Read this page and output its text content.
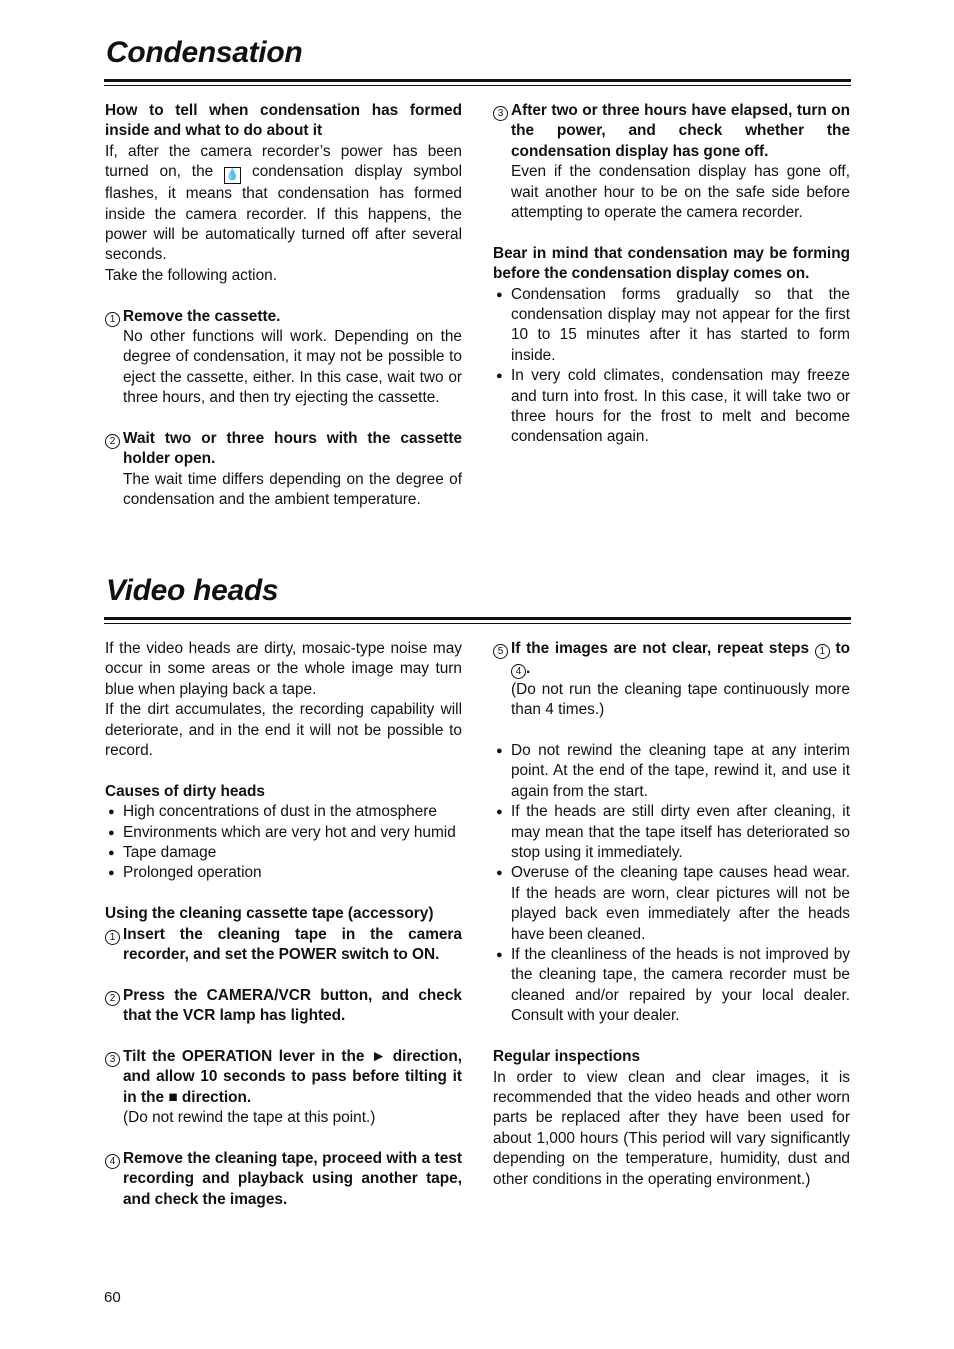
Condensation

How to tell when condensation has formed inside and what to do about it

If, after the camera recorder’s power has been turned on, the 💧 condensation display symbol flashes, it means that condensation has formed inside the camera recorder. If this happens, the power will be automatically turned off after several seconds.

Take the following action.

1 Remove the cassette.

No other functions will work. Depending on the degree of condensation, it may not be possible to eject the cassette, either. In this case, wait two or three hours, and then try ejecting the cassette.

2 Wait two or three hours with the cassette holder open.

The wait time differs depending on the degree of condensation and the ambient temperature.

3 After two or three hours have elapsed, turn on the power, and check whether the condensation display has gone off.

Even if the condensation display has gone off, wait another hour to be on the safe side before attempting to operate the camera recorder.

Bear in mind that condensation may be forming before the condensation display comes on.

● Condensation forms gradually so that the condensation display may not appear for the first 10 to 15 minutes after it has started to form inside.
● In very cold climates, condensation may freeze and turn into frost. In this case, it will take two or three hours for the frost to melt and become condensation again.
Video heads

If the video heads are dirty, mosaic-type noise may occur in some areas or the whole image may turn blue when playing back a tape.

If the dirt accumulates, the recording capability will deteriorate, and in the end it will not be possible to record.

Causes of dirty heads

● High concentrations of dust in the atmosphere
● Environments which are very hot and very humid
● Tape damage
● Prolonged operation

Using the cleaning cassette tape (accessory)

1 Insert the cleaning tape in the camera recorder, and set the POWER switch to ON.

2 Press the CAMERA/VCR button, and check that the VCR lamp has lighted.

3 Tilt the OPERATION lever in the ► direction, and allow 10 seconds to pass before tilting it in the ■ direction.

(Do not rewind the tape at this point.)

4 Remove the cleaning tape, proceed with a test recording and playback using another tape, and check the images.

5 If the images are not clear, repeat steps 1 to 4 .

(Do not run the cleaning tape continuously more than 4 times.)

● Do not rewind the cleaning tape at any interim point. At the end of the tape, rewind it, and use it again from the start.
● If the heads are still dirty even after cleaning, it may mean that the tape itself has deteriorated so stop using it immediately.
● Overuse of the cleaning tape causes head wear. If the heads are worn, clear pictures will not be played back even immediately after the heads have been cleaned.
● If the cleanliness of the heads is not improved by the cleaning tape, the camera recorder must be cleaned and/or repaired by your local dealer. Consult with your dealer.

Regular inspections

In order to view clean and clear images, it is recommended that the video heads and other worn parts be replaced after they have been used for about 1,000 hours (This period will vary significantly depending on the temperature, humidity, dust and other conditions in the operating environment.)

60
